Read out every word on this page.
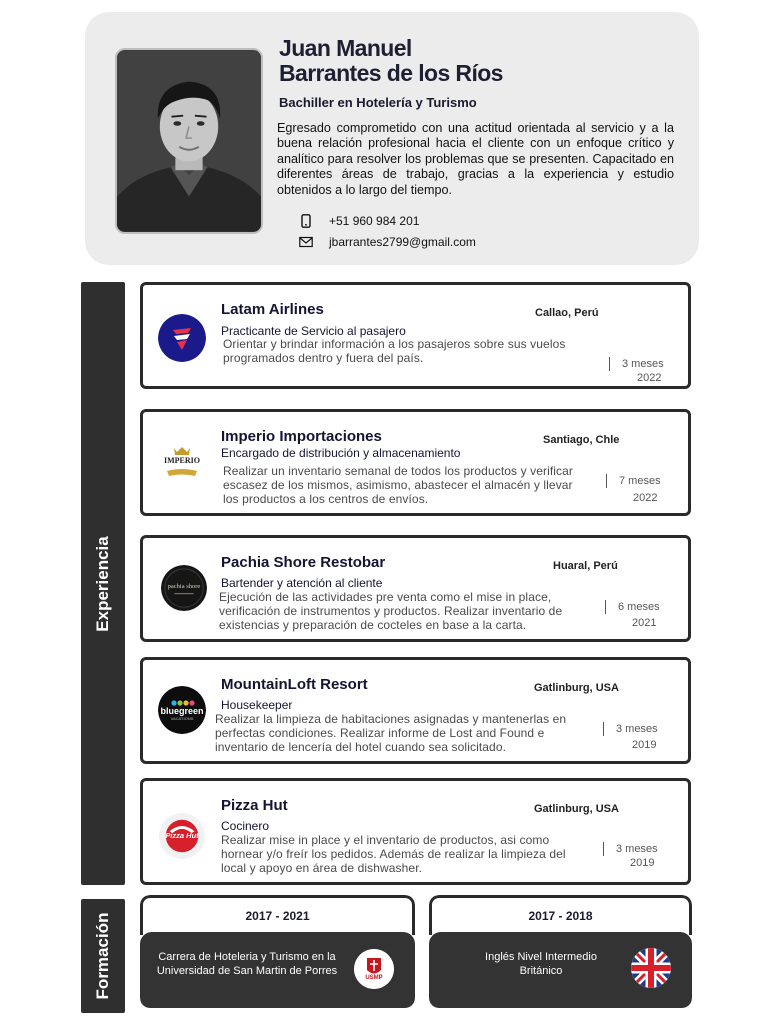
Juan Manuel
Barrantes de los Ríos
Bachiller en Hotelería y Turismo
Egresado comprometido con una actitud orientada al servicio y a la buena relación profesional hacia el cliente con un enfoque crítico y analítico para resolver los problemas que se presenten. Capacitado en diferentes áreas de trabajo, gracias a la experiencia y estudio obtenidos a lo largo del tiempo.
+51 960 984 201
jbarrantes2799@gmail.com
Experiencia
Formación
Latam Airlines	Callao, Perú
Practicante de Servicio al pasajero
Orientar y brindar información a los pasajeros sobre sus vuelos programados dentro y fuera del país.	3 meses
2022
IMPERIO
Imperio Importaciones	Santiago, Chle
Encargado de distribución y almacenamiento
Realizar un inventario semanal de todos los productos y verificar escasez de los mismos, asimismo, abastecer el almacén y llevar los productos a los centros de envíos.
7 meses
2022
pachia shore
Pachia Shore Restobar	Huaral, Perú
Bartender y atención al cliente
Ejecución de las actividades pre venta como el mise in place, verificación de instrumentos y productos. Realizar inventario de existencias y preparación de cocteles en base a la carta.
6 meses
2021
VACATIONS
bluegreen
MountainLoft Resort	Gatlinburg, USA
Housekeeper
Realizar la limpieza de habitaciones asignadas y mantenerlas en perfectas condiciones. Realizar informe de Lost and Found e inventario de lencería del hotel cuando sea solicitado.
3 meses
2019
Pizza Hut
Pizza Hut	Gatlinburg, USA
Cocinero
Realizar mise in place y el inventario de productos, asi como hornear y/o freír los pedidos. Además de realizar la limpieza del local y apoyo en área de dishwasher.
3 meses
2019
2017 - 2021
Carrera de Hoteleria y Turismo en la Universidad de San Martin de Porres
USMP
2017 - 2018
Inglés Nivel Intermedio Británico
